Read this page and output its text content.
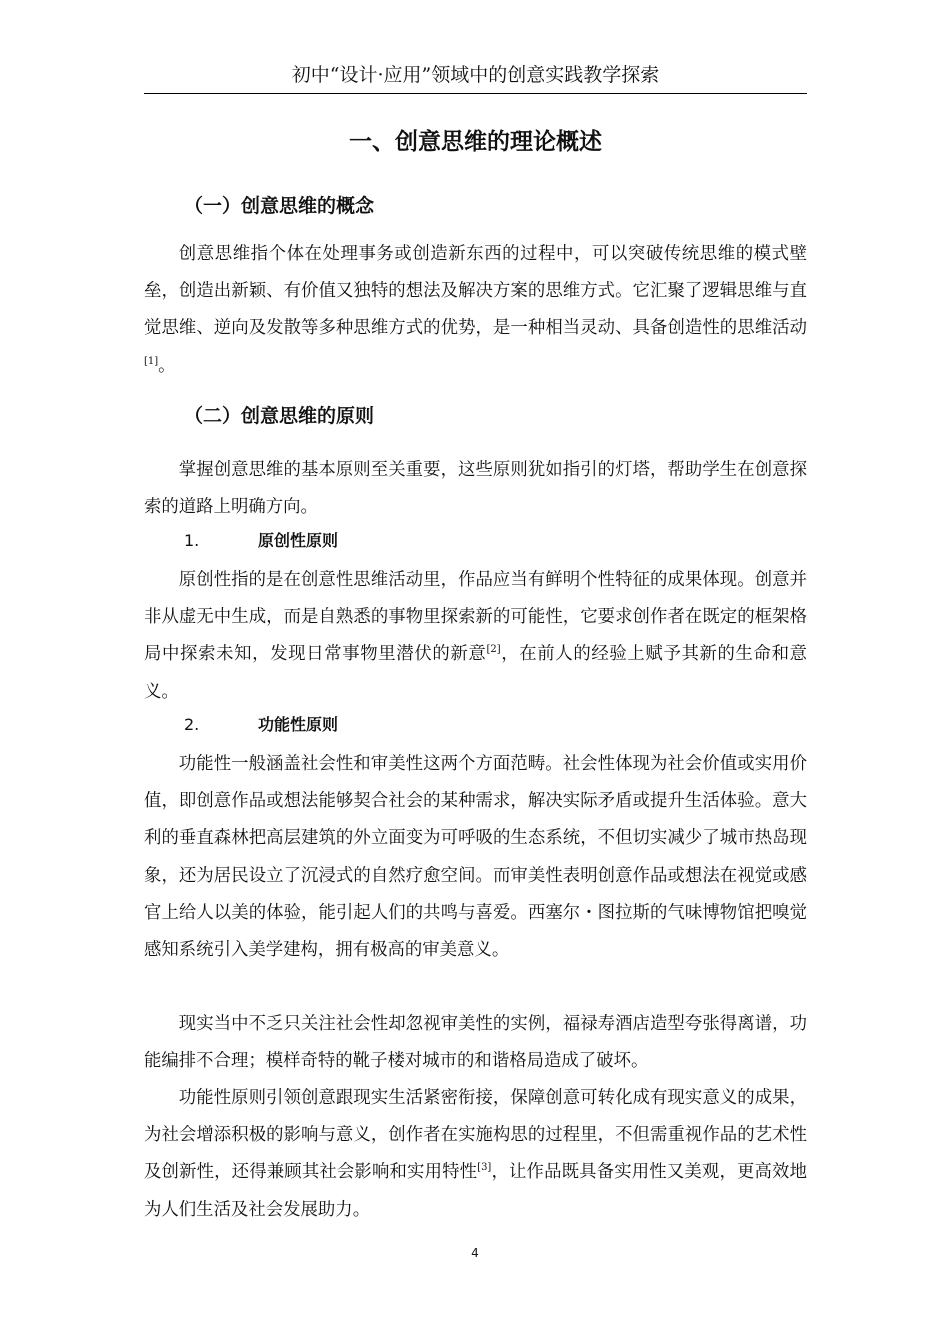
初中“设计·应用”领域中的创意实践教学探索
一、创意思维的理论概述
（一）创意思维的概念

创意思维指个体在处理事务或创造新东西的过程中，可以突破传统思维的模式壁垒，创造出新颖、有价值又独特的想法及解决方案的思维方式。它汇聚了逻辑思维与直觉思维、逆向及发散等多种思维方式的优势，是一种相当灵动、具备创造性的思维活动[1]。

（二）创意思维的原则

掌握创意思维的基本原则至关重要，这些原则犹如指引的灯塔，帮助学生在创意探索的道路上明确方向。

1.	原创性原则

原创性指的是在创意性思维活动里，作品应当有鲜明个性特征的成果体现。创意并非从虚无中生成，而是自熟悉的事物里探索新的可能性，它要求创作者在既定的框架格局中探索未知，发现日常事物里潜伏的新意[2]，在前人的经验上赋予其新的生命和意义。

2.	功能性原则

功能性一般涵盖社会性和审美性这两个方面范畴。社会性体现为社会价值或实用价值，即创意作品或想法能够契合社会的某种需求，解决实际矛盾或提升生活体验。意大利的垂直森林把高层建筑的外立面变为可呼吸的生态系统，不但切实减少了城市热岛现象，还为居民设立了沉浸式的自然疗愈空间。而审美性表明创意作品或想法在视觉或感官上给人以美的体验，能引起人们的共鸣与喜爱。西塞尔・图拉斯的气味博物馆把嗅觉感知系统引入美学建构，拥有极高的审美意义。

现实当中不乏只关注社会性却忽视审美性的实例，福禄寿酒店造型夸张得离谱，功能编排不合理；模样奇特的靴子楼对城市的和谐格局造成了破坏。

功能性原则引领创意跟现实生活紧密衔接，保障创意可转化成有现实意义的成果，为社会增添积极的影响与意义，创作者在实施构思的过程里，不但需重视作品的艺术性及创新性，还得兼顾其社会影响和实用特性[3]，让作品既具备实用性又美观，更高效地为人们生活及社会发展助力。

4
